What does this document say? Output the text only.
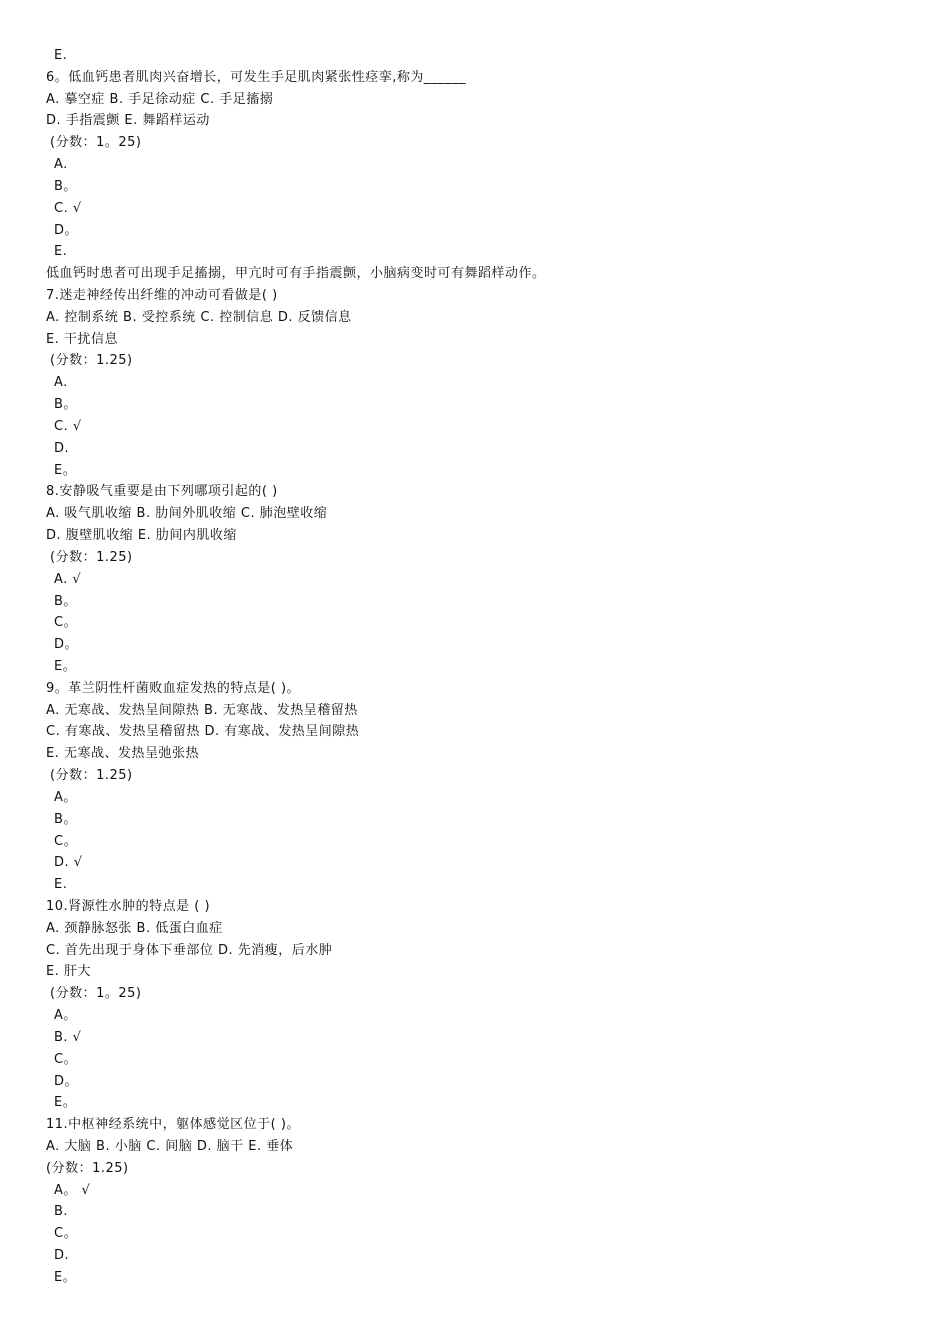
E.
6。低血钙患者肌肉兴奋增长，可发生手足肌肉紧张性痉挛,称为______
A. 摹空症 B. 手足徐动症 C. 手足搐搦
D. 手指震颤 E. 舞蹈样运动
(分数：1。25)
A.
B。
C. √
D。
E.
低血钙时患者可出现手足搐搦，甲亢时可有手指震颤，小脑病变时可有舞蹈样动作。
7.迷走神经传出纤维的冲动可看做是( )
A. 控制系统 B. 受控系统 C. 控制信息 D. 反馈信息
E. 干扰信息
(分数：1.25)
A.
B。
C. √
D.
E。
8.安静吸气重要是由下列哪项引起的( )
A. 吸气肌收缩 B. 肋间外肌收缩 C. 肺泡壁收缩
D. 腹壁肌收缩 E. 肋间内肌收缩
(分数：1.25)
A. √
B。
C。
D。
E。
9。革兰阴性杆菌败血症发热的特点是( )。
A. 无寒战、发热呈间隙热 B. 无寒战、发热呈稽留热
C. 有寒战、发热呈稽留热 D. 有寒战、发热呈间隙热
E. 无寒战、发热呈弛张热
(分数：1.25)
A。
B。
C。
D. √
E.
10.肾源性水肿的特点是 ( )
A. 颈静脉怒张 B. 低蛋白血症
C. 首先出现于身体下垂部位 D. 先消瘦，后水肿
E. 肝大
(分数：1。25)
A。
B. √
C。
D。
E。
11.中枢神经系统中，躯体感觉区位于( )。
A. 大脑 B. 小脑 C. 间脑 D. 脑干 E. 垂体
(分数：1.25)
A。 √
B.
C。
D.
E。
